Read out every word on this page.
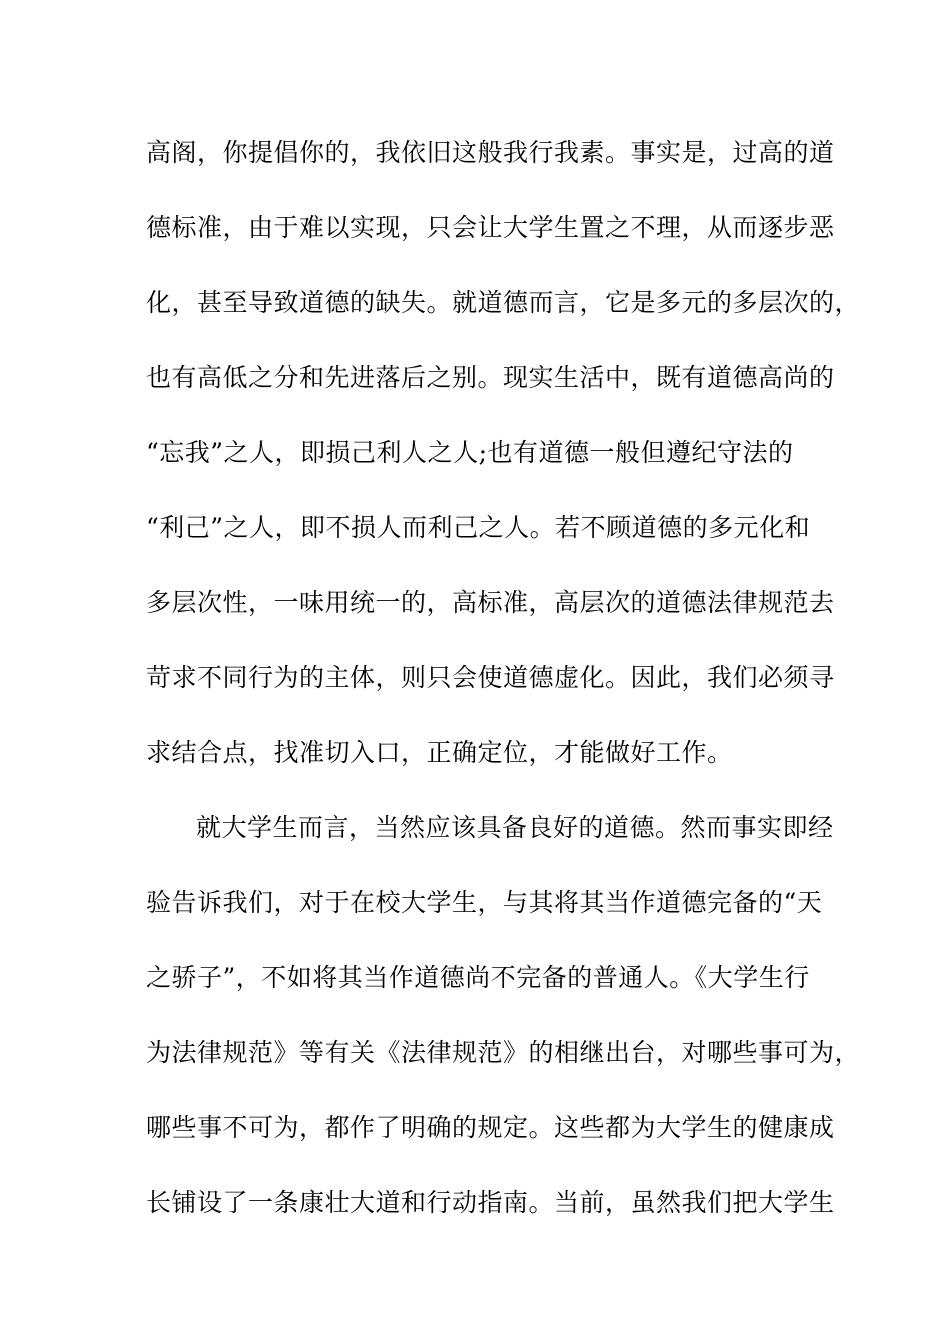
高阁，你提倡你的，我依旧这般我行我素。事实是，过高的道
德标准，由于难以实现，只会让大学生置之不理，从而逐步恶
化，甚至导致道德的缺失。就道德而言，它是多元的多层次的，
也有高低之分和先进落后之别。现实生活中，既有道德高尚的
“忘我”之人，即损己利人之人;也有道德一般但遵纪守法的
“利己”之人，即不损人而利己之人。若不顾道德的多元化和
多层次性，一味用统一的，高标准，高层次的道德法律规范去
苛求不同行为的主体，则只会使道德虚化。因此，我们必须寻
求结合点，找准切入口，正确定位，才能做好工作。
就大学生而言，当然应该具备良好的道德。然而事实即经
验告诉我们，对于在校大学生，与其将其当作道德完备的“天
之骄子”，不如将其当作道德尚不完备的普通人。《大学生行
为法律规范》等有关《法律规范》的相继出台，对哪些事可为，
哪些事不可为，都作了明确的规定。这些都为大学生的健康成
长铺设了一条康壮大道和行动指南。当前，虽然我们把大学生
